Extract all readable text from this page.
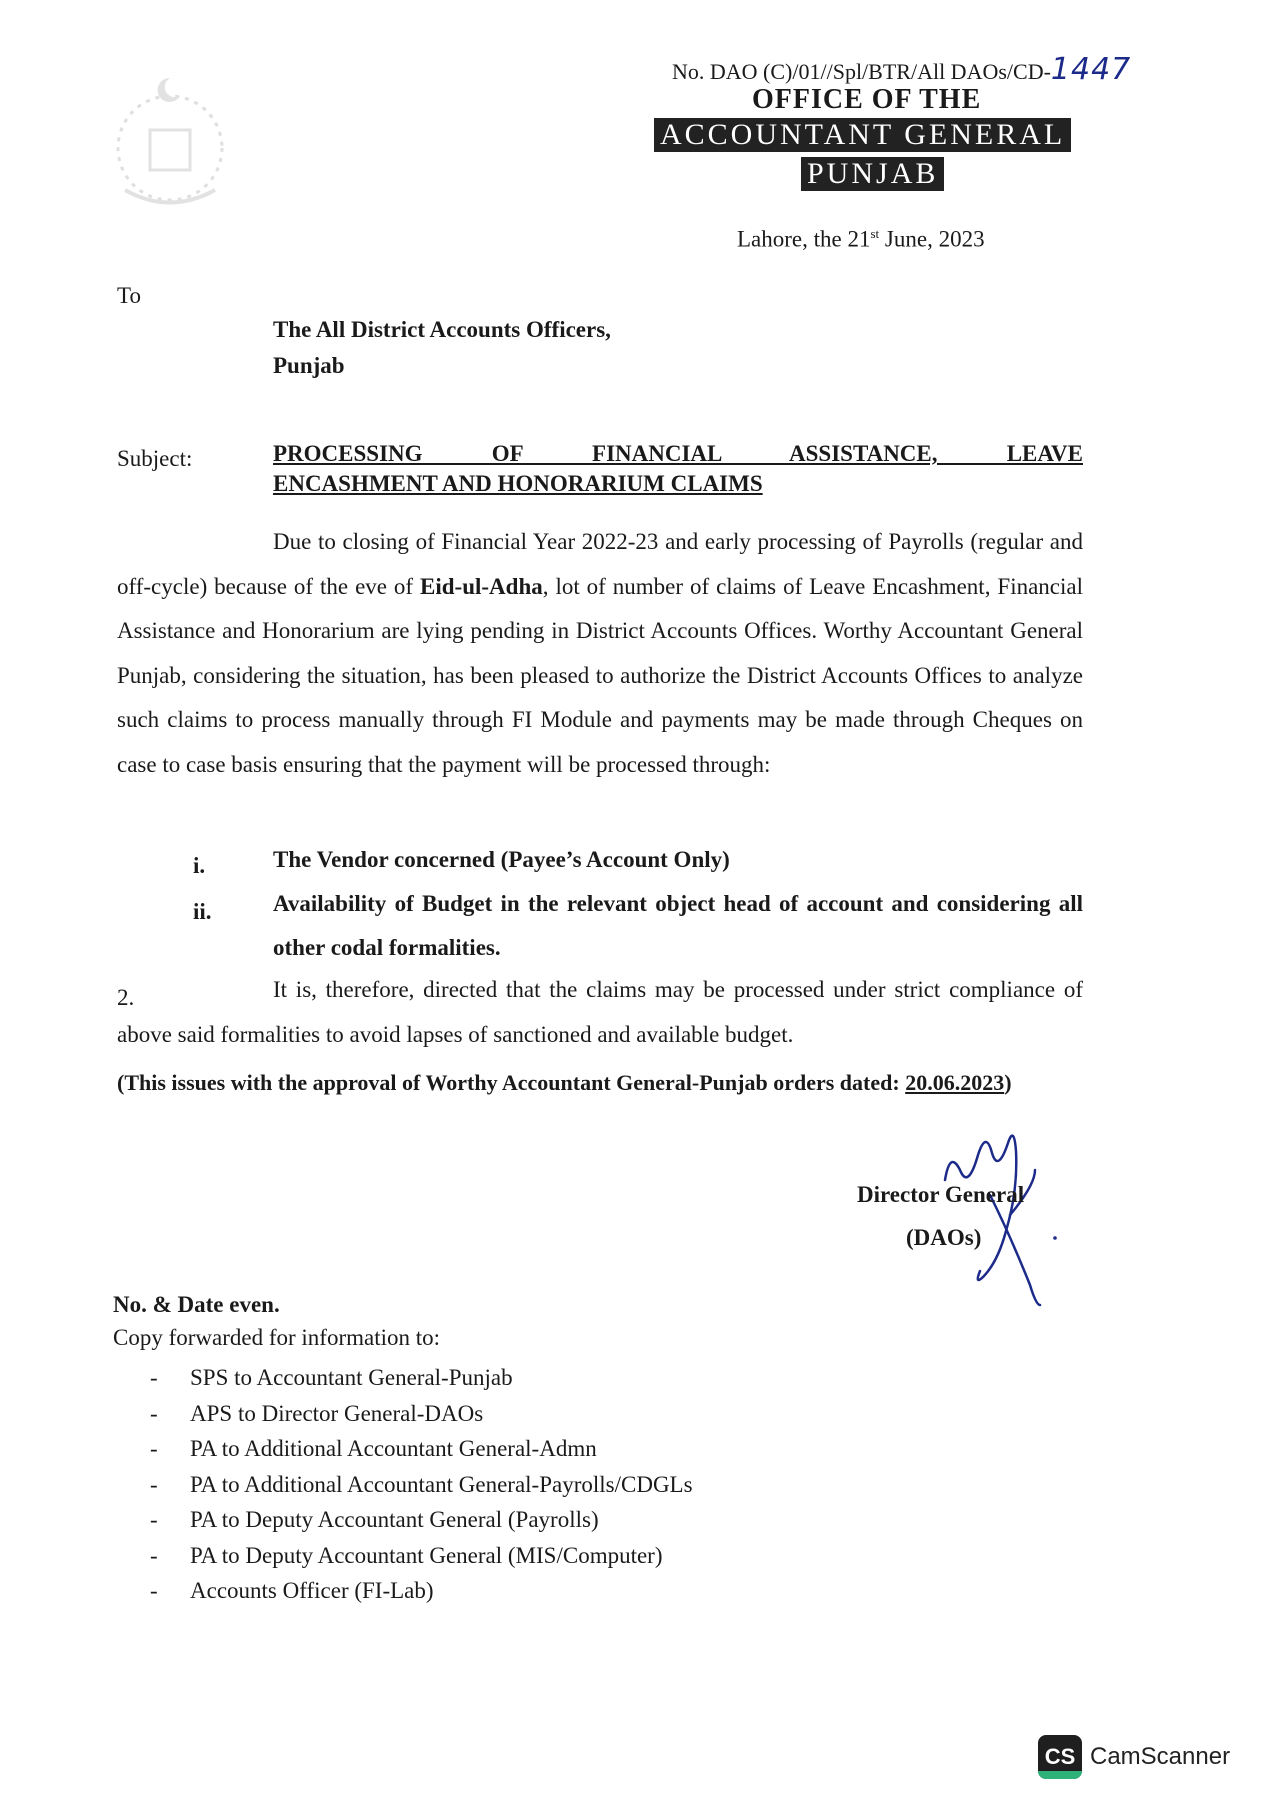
No. DAO (C)/01//Spl/BTR/All DAOs/CD-1447
OFFICE OF THE
ACCOUNTANT GENERAL
PUNJAB
Lahore, the 21st June, 2023
To
The All District Accounts Officers,
Punjab
Subject:	PROCESSING OF FINANCIAL ASSISTANCE, LEAVE
ENCASHMENT AND HONORARIUM CLAIMS
Due to closing of Financial Year 2022-23 and early processing of Payrolls (regular and off-cycle) because of the eve of Eid-ul-Adha, lot of number of claims of Leave Encashment, Financial Assistance and Honorarium are lying pending in District Accounts Offices. Worthy Accountant General Punjab, considering the situation, has been pleased to authorize the District Accounts Offices to analyze such claims to process manually through FI Module and payments may be made through Cheques on case to case basis ensuring that the payment will be processed through:
i.	The Vendor concerned (Payee’s Account Only)
ii.	Availability of Budget in the relevant object head of account and considering all other codal formalities.
2.	It is, therefore, directed that the claims may be processed under strict compliance of above said formalities to avoid lapses of sanctioned and available budget.
(This issues with the approval of Worthy Accountant General-Punjab orders dated: 20.06.2023)
Director General
(DAOs)
No. & Date even.
Copy forwarded for information to:
- SPS to Accountant General-Punjab
- APS to Director General-DAOs
- PA to Additional Accountant General-Admn
- PA to Additional Accountant General-Payrolls/CDGLs
- PA to Deputy Accountant General (Payrolls)
- PA to Deputy Accountant General (MIS/Computer)
- Accounts Officer (FI-Lab)
CS CamScanner
